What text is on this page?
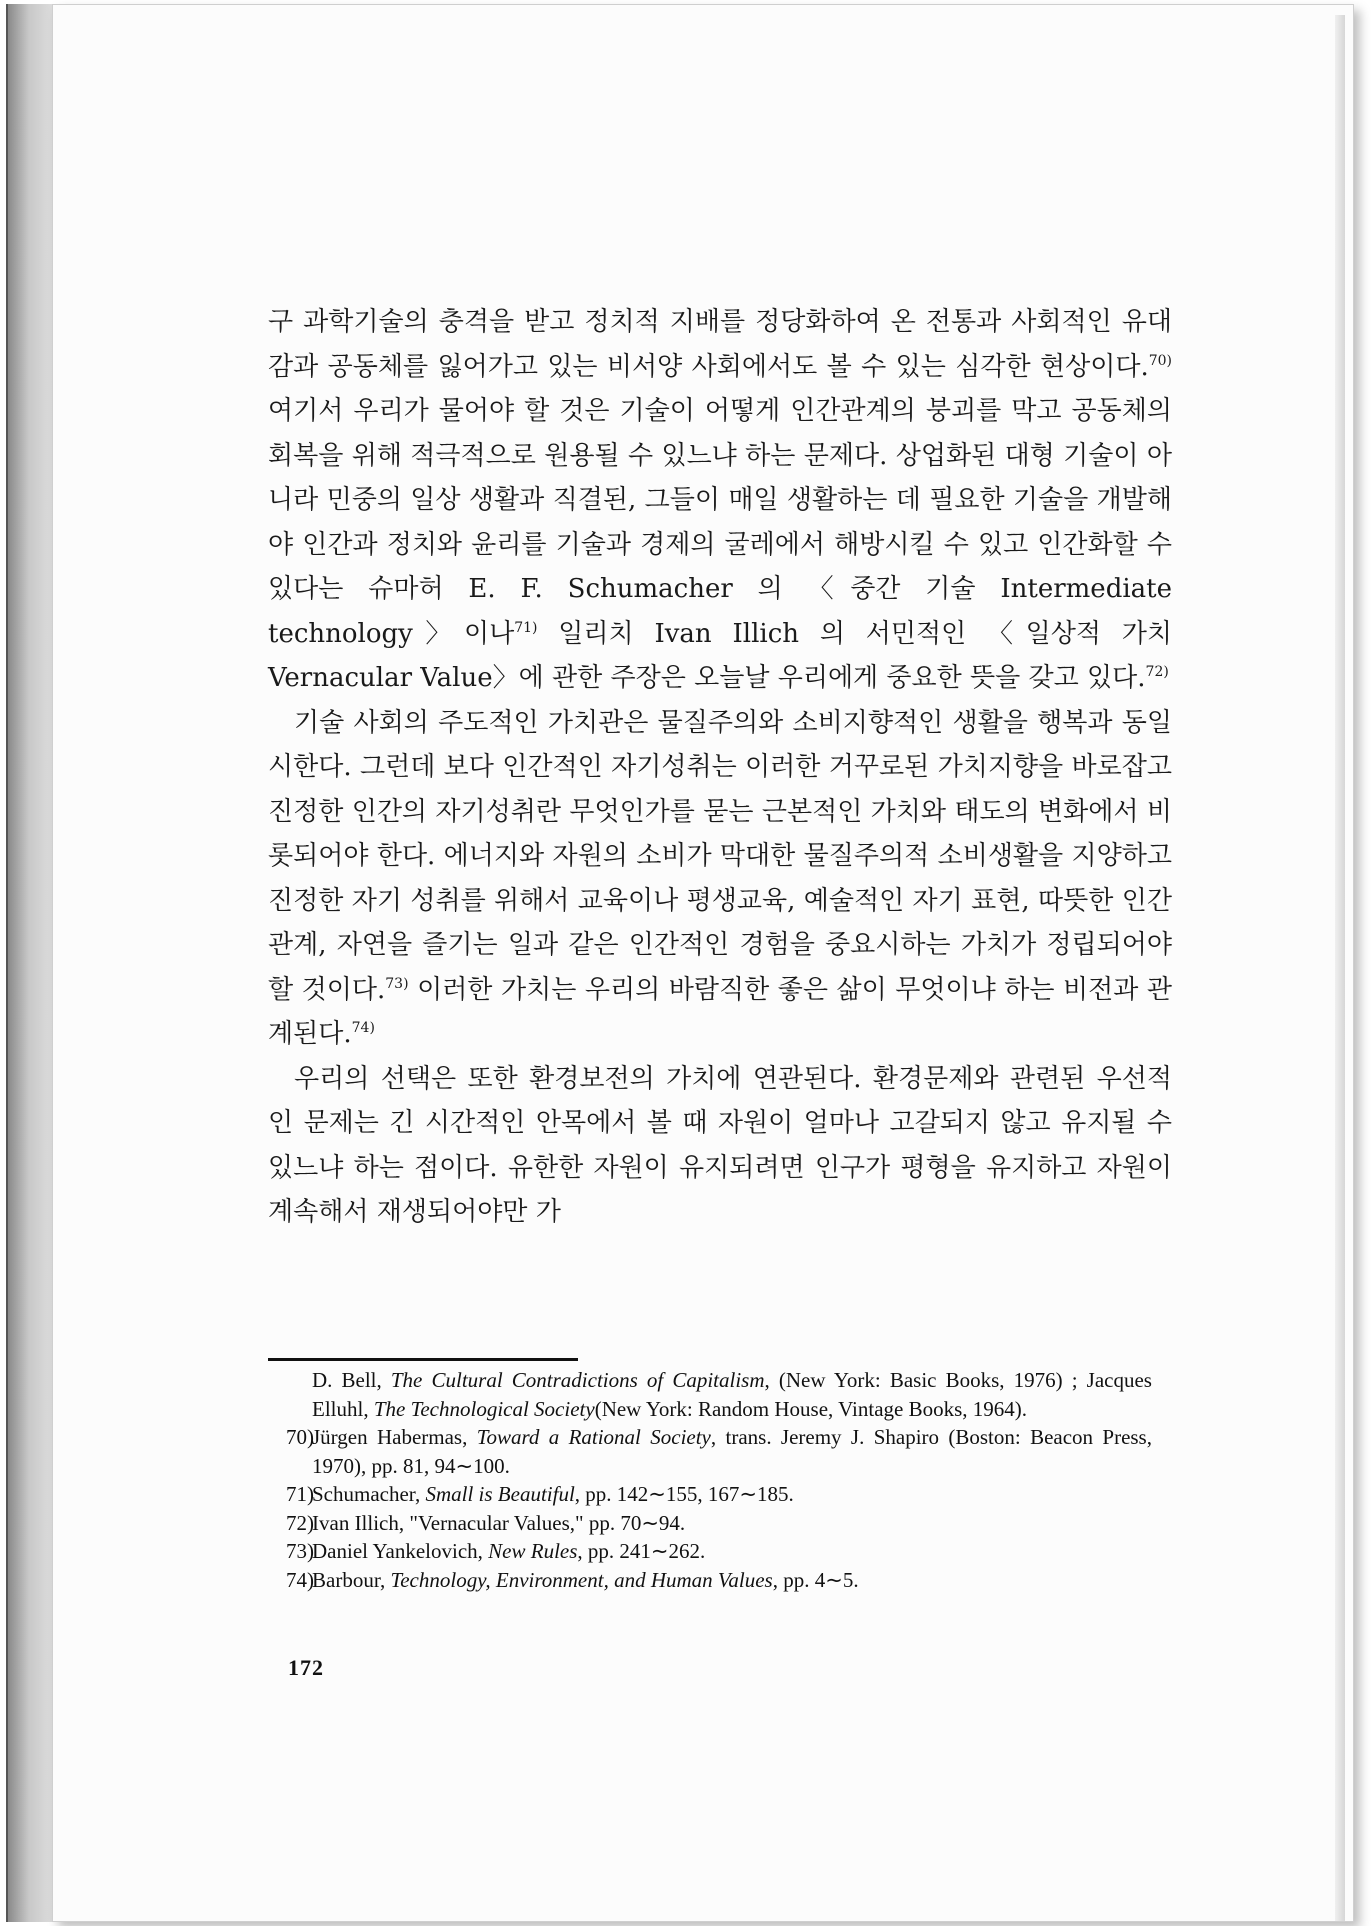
구 과학기술의 충격을 받고 정치적 지배를 정당화하여 온 전통과 사회적인 유대감과 공동체를 잃어가고 있는 비서양 사회에서도 볼 수 있는 심각한 현상이다.$^{70)}$ 여기서 우리가 물어야 할 것은 기술이 어떻게 인간관계의 붕괴를 막고 공동체의 회복을 위해 적극적으로 원용될 수 있느냐 하는 문제다. 상업화된 대형 기술이 아니라 민중의 일상 생활과 직결된, 그들이 매일 생활하는 데 필요한 기술을 개발해야 인간과 정치와 윤리를 기술과 경제의 굴레에서 해방시킬 수 있고 인간화할 수 있다는 슈마허 E. F. Schumacher 의 〈중간 기술 Intermediate technology〉이나$^{71)}$ 일리치 Ivan Illich 의 서민적인 〈일상적 가치 Vernacular Value〉에 관한 주장은 오늘날 우리에게 중요한 뜻을 갖고 있다.$^{72)}$

기술 사회의 주도적인 가치관은 물질주의와 소비지향적인 생활을 행복과 동일시한다. 그런데 보다 인간적인 자기성취는 이러한 거꾸로된 가치지향을 바로잡고 진정한 인간의 자기성취란 무엇인가를 묻는 근본적인 가치와 태도의 변화에서 비롯되어야 한다. 에너지와 자원의 소비가 막대한 물질주의적 소비생활을 지양하고 진정한 자기 성취를 위해서 교육이나 평생교육, 예술적인 자기 표현, 따뜻한 인간관계, 자연을 즐기는 일과 같은 인간적인 경험을 중요시하는 가치가 정립되어야 할 것이다.$^{73)}$ 이러한 가치는 우리의 바람직한 좋은 삶이 무엇이냐 하는 비전과 관계된다.$^{74)}$

우리의 선택은 또한 환경보전의 가치에 연관된다. 환경문제와 관련된 우선적인 문제는 긴 시간적인 안목에서 볼 때 자원이 얼마나 고갈되지 않고 유지될 수 있느냐 하는 점이다. 유한한 자원이 유지되려면 인구가 평형을 유지하고 자원이 계속해서 재생되어야만 가

D. Bell, The Cultural Contradictions of Capitalism, (New York: Basic Books, 1976) ; Jacques Elluhl, The Technological Society(New York: Random House, Vintage Books, 1964).

70)Jürgen Habermas, Toward a Rational Society, trans. Jeremy J. Shapiro (Boston: Beacon Press, 1970), pp. 81, 94∼100.

71)Schumacher, Small is Beautiful, pp. 142∼155, 167∼185.

72)Ivan Illich, "Vernacular Values," pp. 70∼94.

73)Daniel Yankelovich, New Rules, pp. 241∼262.

74)Barbour, Technology, Environment, and Human Values, pp. 4∼5.

172
